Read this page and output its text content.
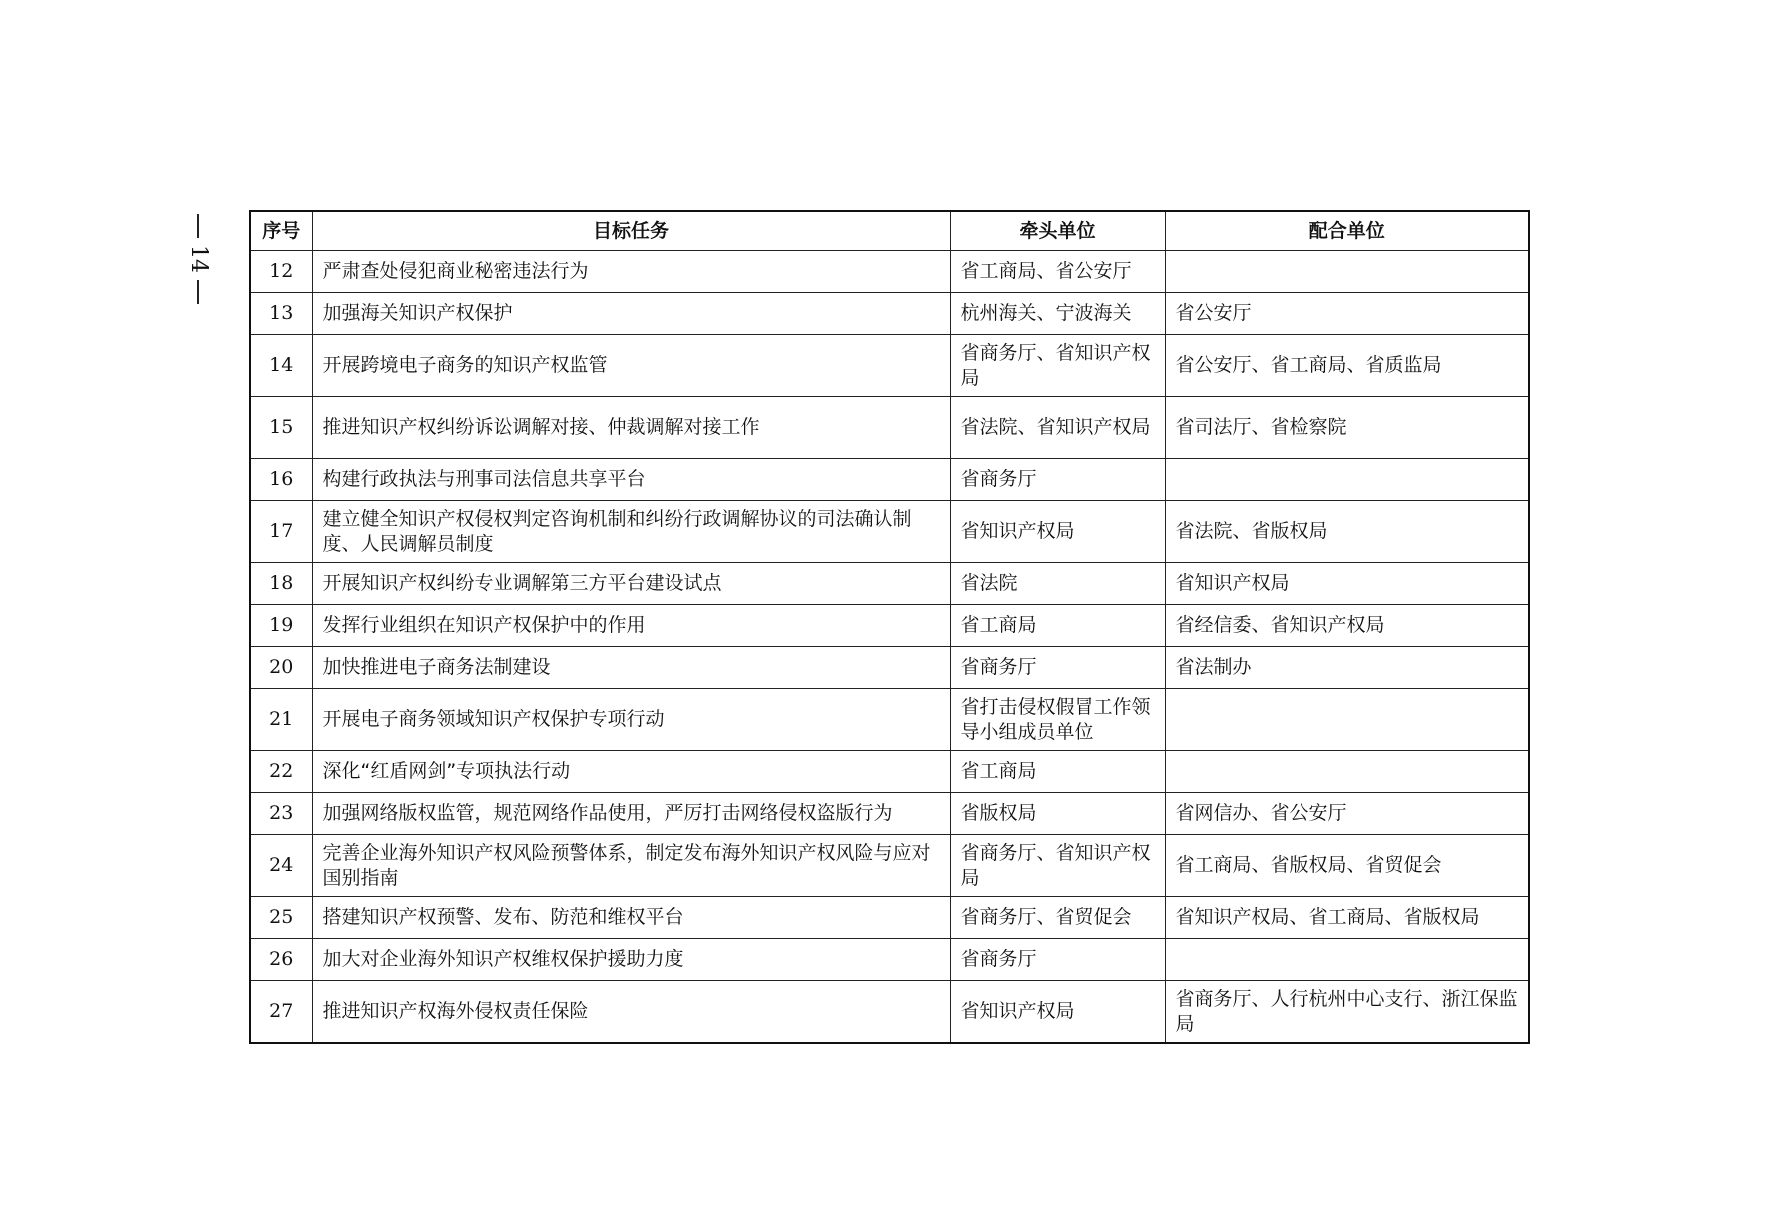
14
序号	目标任务	牵头单位	配合单位
12	严肃查处侵犯商业秘密违法行为	省工商局、省公安厅	
13	加强海关知识产权保护	杭州海关、宁波海关	省公安厅
14	开展跨境电子商务的知识产权监管	省商务厅、省知识产权局	省公安厅、省工商局、省质监局
15	推进知识产权纠纷诉讼调解对接、仲裁调解对接工作	省法院、省知识产权局	省司法厅、省检察院
16	构建行政执法与刑事司法信息共享平台	省商务厅	
17	建立健全知识产权侵权判定咨询机制和纠纷行政调解协议的司法确认制度、人民调解员制度	省知识产权局	省法院、省版权局
18	开展知识产权纠纷专业调解第三方平台建设试点	省法院	省知识产权局
19	发挥行业组织在知识产权保护中的作用	省工商局	省经信委、省知识产权局
20	加快推进电子商务法制建设	省商务厅	省法制办
21	开展电子商务领域知识产权保护专项行动	省打击侵权假冒工作领导小组成员单位	
22	深化“红盾网剑”专项执法行动	省工商局	
23	加强网络版权监管，规范网络作品使用，严厉打击网络侵权盗版行为	省版权局	省网信办、省公安厅
24	完善企业海外知识产权风险预警体系，制定发布海外知识产权风险与应对国别指南	省商务厅、省知识产权局	省工商局、省版权局、省贸促会
25	搭建知识产权预警、发布、防范和维权平台	省商务厅、省贸促会	省知识产权局、省工商局、省版权局
26	加大对企业海外知识产权维权保护援助力度	省商务厅	
27	推进知识产权海外侵权责任保险	省知识产权局	省商务厅、人行杭州中心支行、浙江保监局
